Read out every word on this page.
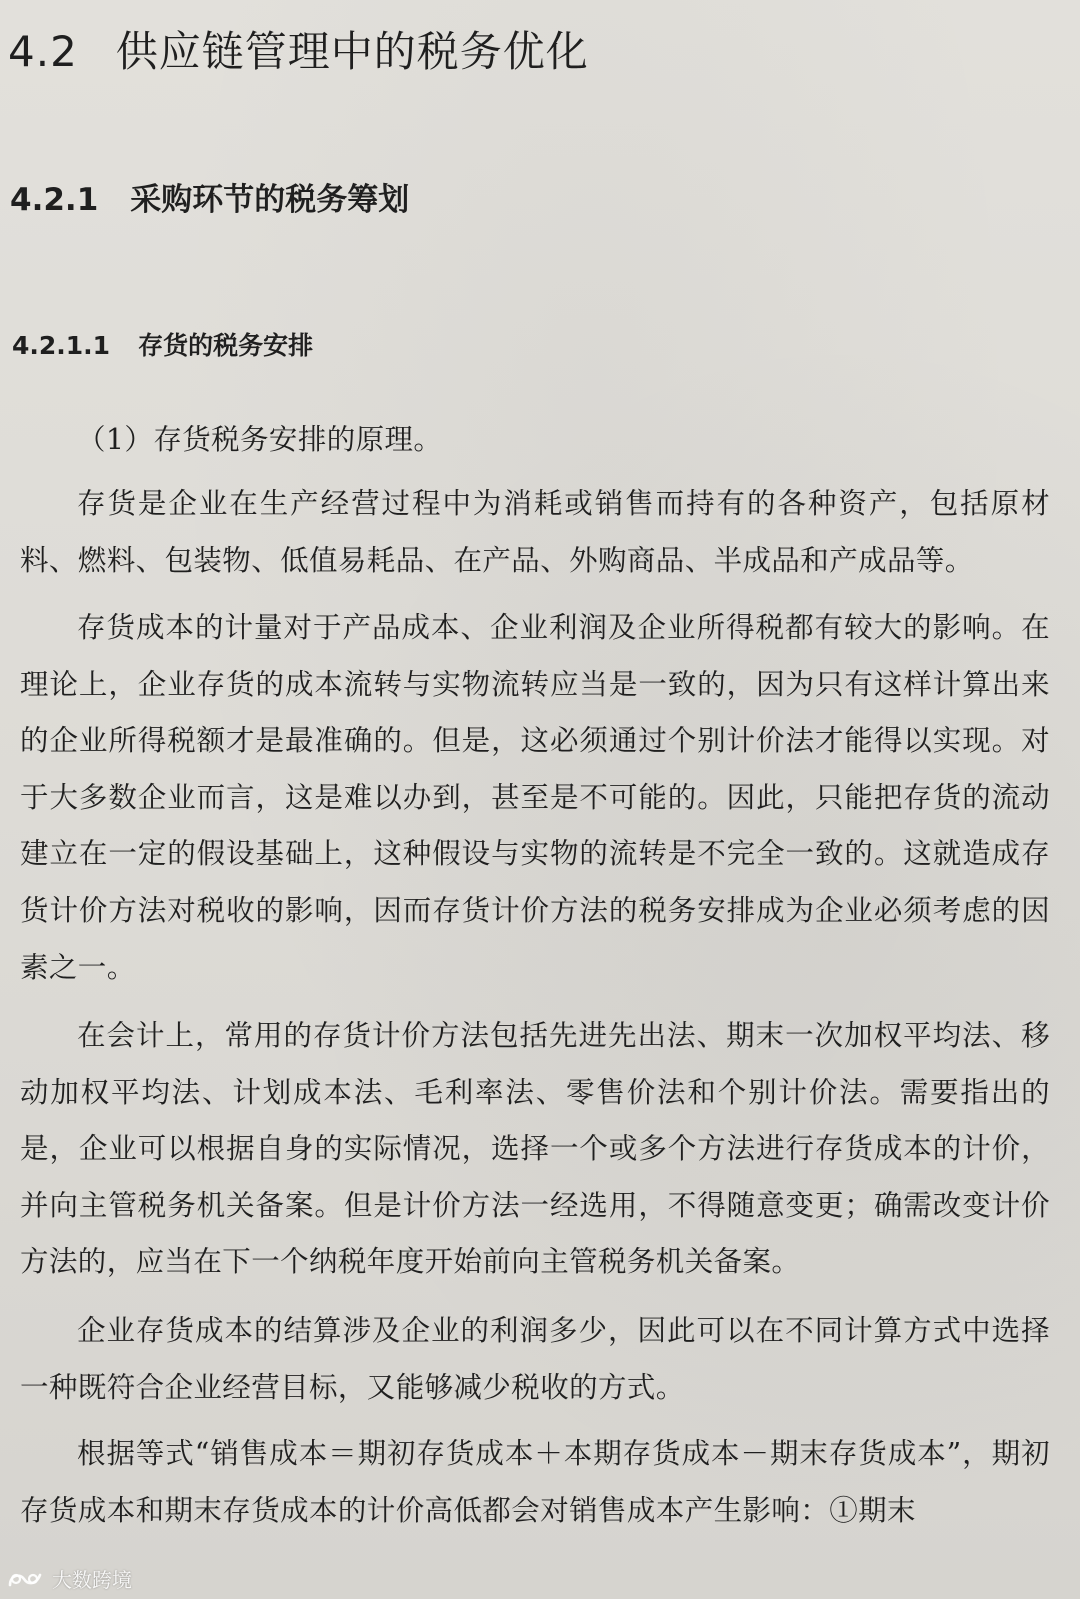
4.2 供应链管理中的税务优化
4.2.1 采购环节的税务筹划
4.2.1.1 存货的税务安排

（1）存货税务安排的原理。

存货是企业在生产经营过程中为消耗或销售而持有的各种资产，包括原材料、燃料、包装物、低值易耗品、在产品、外购商品、半成品和产成品等。

存货成本的计量对于产品成本、企业利润及企业所得税都有较大的影响。在理论上，企业存货的成本流转与实物流转应当是一致的，因为只有这样计算出来的企业所得税额才是最准确的。但是，这必须通过个别计价法才能得以实现。对于大多数企业而言，这是难以办到，甚至是不可能的。因此，只能把存货的流动建立在一定的假设基础上，这种假设与实物的流转是不完全一致的。这就造成存货计价方法对税收的影响，因而存货计价方法的税务安排成为企业必须考虑的因素之一。

在会计上，常用的存货计价方法包括先进先出法、期末一次加权平均法、移动加权平均法、计划成本法、毛利率法、零售价法和个别计价法。需要指出的是，企业可以根据自身的实际情况，选择一个或多个方法进行存货成本的计价，并向主管税务机关备案。但是计价方法一经选用，不得随意变更；确需改变计价方法的，应当在下一个纳税年度开始前向主管税务机关备案。

企业存货成本的结算涉及企业的利润多少，因此可以在不同计算方式中选择一种既符合企业经营目标，又能够减少税收的方式。

根据等式“销售成本＝期初存货成本＋本期存货成本－期末存货成本”，期初存货成本和期末存货成本的计价高低都会对销售成本产生影响：①期末

大数跨境
